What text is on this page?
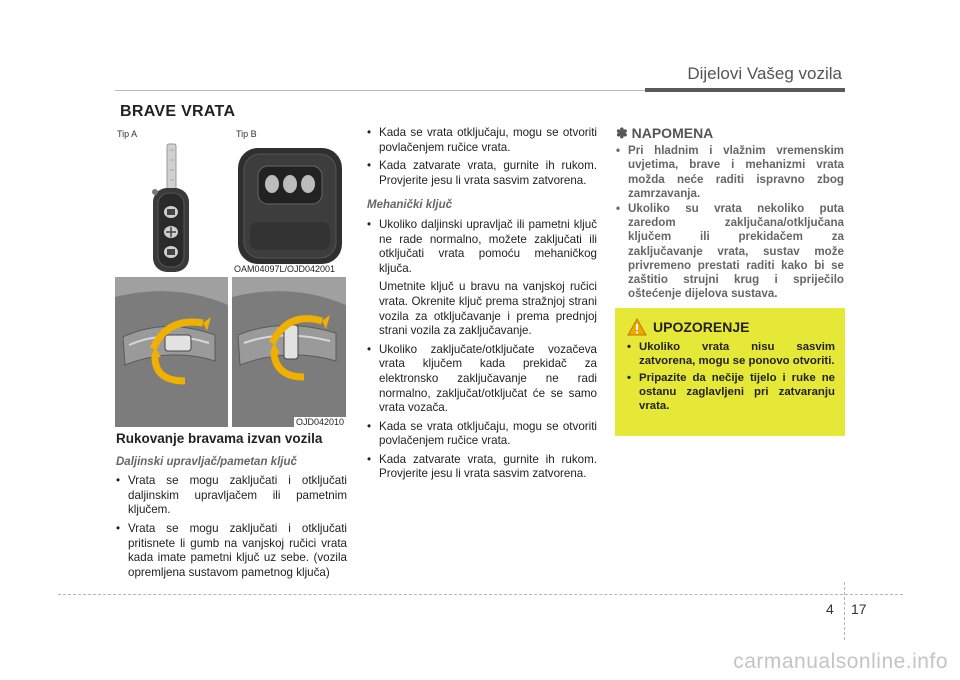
Dijelovi Vašeg vozila
BRAVE VRATA
Tip A	Tip B
OAM04097L/OJD042001
OJD042010
Rukovanje bravama izvan vozila
Daljinski upravljač/pametan ključ
• Vrata se mogu zaključati i otključati daljinskim upravljačem ili pametnim ključem.
• Vrata se mogu zaključati i otključati pritisnete li gumb na vanjskoj ručici vrata kada imate pametni ključ uz sebe. (vozila opremljena sustavom pametnog ključa)
• Kada se vrata otključaju, mogu se otvoriti povlačenjem ručice vrata.
• Kada zatvarate vrata, gurnite ih rukom. Provjerite jesu li vrata sasvim zatvorena.
Mehanički ključ
• Ukoliko daljinski upravljač ili pametni ključ ne rade normalno, možete zaključati ili otključati vrata pomoću mehaničkog ključa.

Umetnite ključ u bravu na vanjskoj ručici vrata. Okrenite ključ prema stražnjoj strani vozila za otključavanje i prema prednjoj strani vozila za zaključavanje.

• Ukoliko zaključate/otključate vozačeva vrata ključem kada prekidač za elektronsko zaključavanje ne radi normalno, zaključat/otključat će se samo vrata vozača.
• Kada se vrata otključaju, mogu se otvoriti povlačenjem ručice vrata.
• Kada zatvarate vrata, gurnite ih rukom. Provjerite jesu li vrata sasvim zatvorena.
✽ NAPOMENA
• Pri hladnim i vlažnim vremenskim uvjetima, brave i mehanizmi vrata možda neće raditi ispravno zbog zamrzavanja.
• Ukoliko su vrata nekoliko puta zaredom zaključana/otključana ključem ili prekidačem za zaključavanje vrata, sustav može privremeno prestati raditi kako bi se zaštitio strujni krug i spriječilo oštećenje dijelova sustava.
UPOZORENJE
• Ukoliko vrata nisu sasvim zatvorena, mogu se ponovo otvoriti.
• Pripazite da nečije tijelo i ruke ne ostanu zaglavljeni pri zatvaranju vrata.
4 17
carmanualsonline.info
